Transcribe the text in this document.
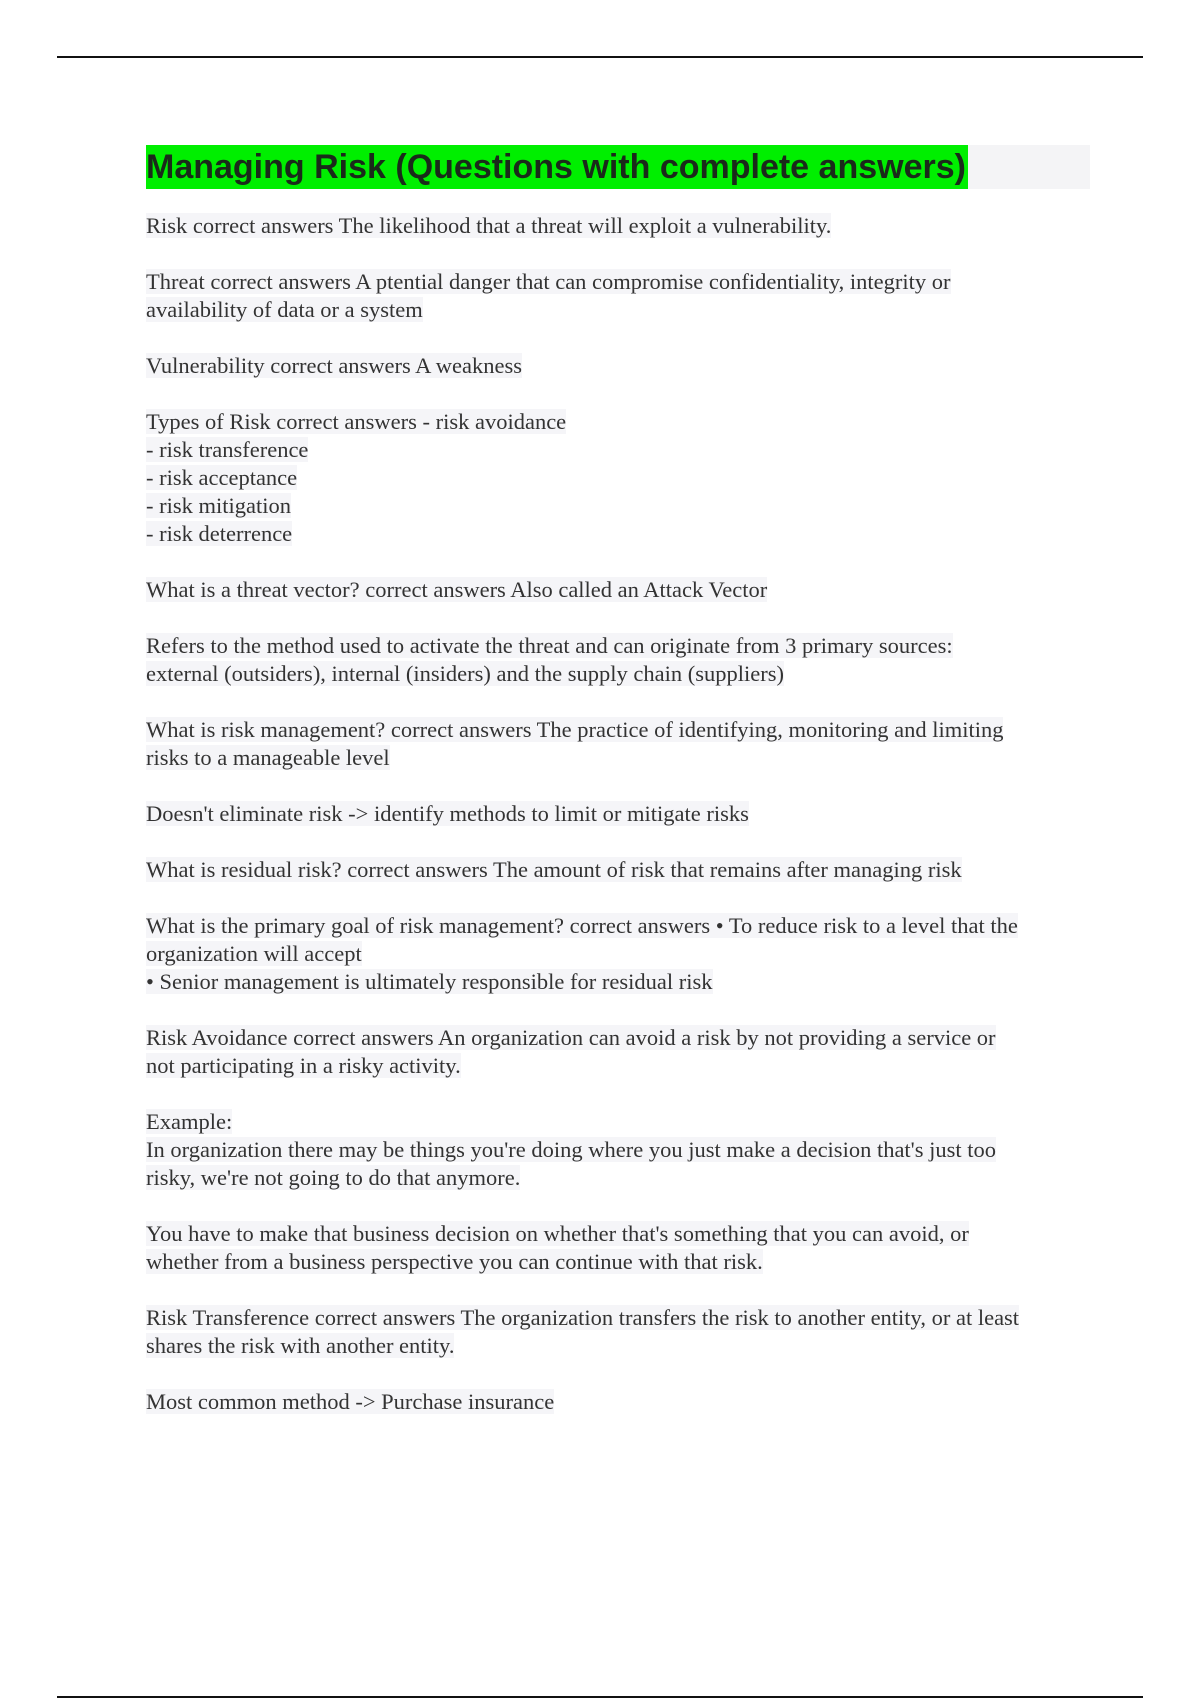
Managing Risk (Questions with complete answers)

Risk correct answers The likelihood that a threat will exploit a vulnerability.

Threat correct answers A ptential danger that can compromise confidentiality, integrity or

availability of data or a system

Vulnerability correct answers A weakness

Types of Risk correct answers - risk avoidance

- risk transference

- risk acceptance

- risk mitigation

- risk deterrence

What is a threat vector? correct answers Also called an Attack Vector

Refers to the method used to activate the threat and can originate from 3 primary sources:

external (outsiders), internal (insiders) and the supply chain (suppliers)

What is risk management? correct answers The practice of identifying, monitoring and limiting

risks to a manageable level

Doesn't eliminate risk -> identify methods to limit or mitigate risks

What is residual risk? correct answers The amount of risk that remains after managing risk

What is the primary goal of risk management? correct answers • To reduce risk to a level that the

organization will accept

• Senior management is ultimately responsible for residual risk

Risk Avoidance correct answers An organization can avoid a risk by not providing a service or

not participating in a risky activity.

Example:

In organization there may be things you're doing where you just make a decision that's just too

risky, we're not going to do that anymore.

You have to make that business decision on whether that's something that you can avoid, or

whether from a business perspective you can continue with that risk.

Risk Transference correct answers The organization transfers the risk to another entity, or at least

shares the risk with another entity.

Most common method -> Purchase insurance
